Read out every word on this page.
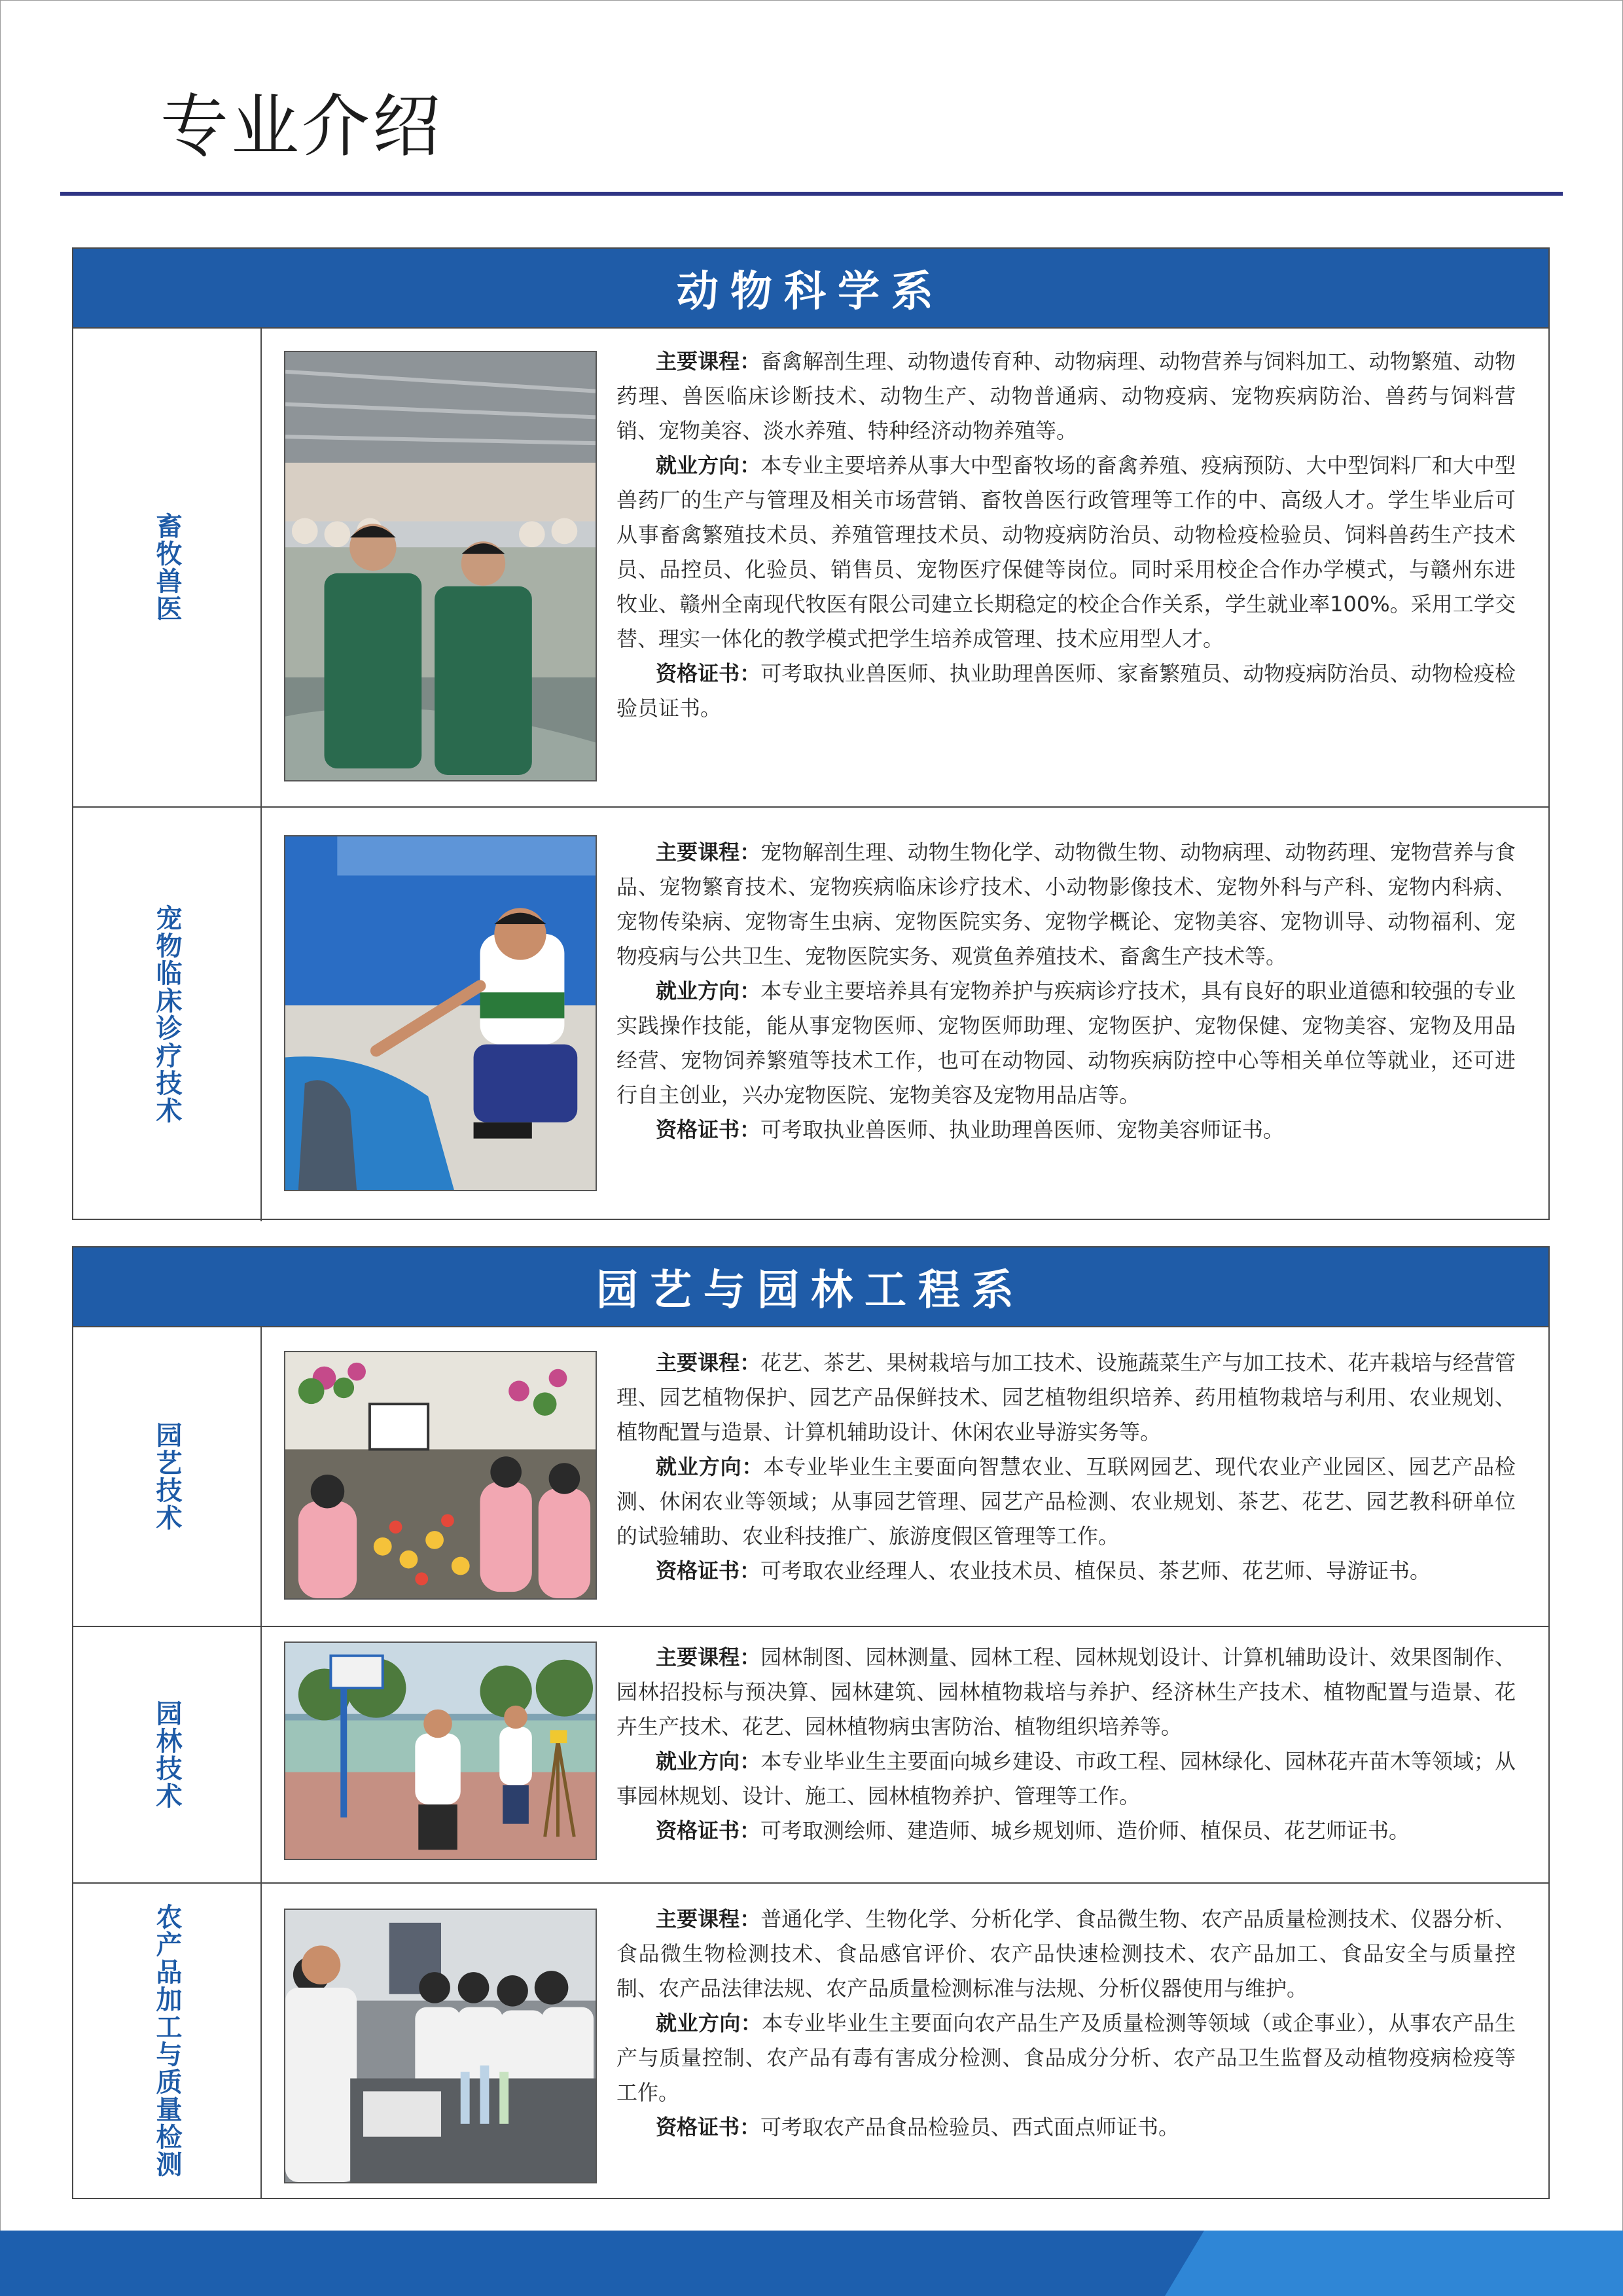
专业介绍
动物科学系
畜牧兽医

主要课程：畜禽解剖生理、动物遗传育种、动物病理、动物营养与饲料加工、动物繁殖、动物药理、兽医临床诊断技术、动物生产、动物普通病、动物疫病、宠物疾病防治、兽药与饲料营销、宠物美容、淡水养殖、特种经济动物养殖等。

就业方向：本专业主要培养从事大中型畜牧场的畜禽养殖、疫病预防、大中型饲料厂和大中型兽药厂的生产与管理及相关市场营销、畜牧兽医行政管理等工作的中、高级人才。学生毕业后可从事畜禽繁殖技术员、养殖管理技术员、动物疫病防治员、动物检疫检验员、饲料兽药生产技术员、品控员、化验员、销售员、宠物医疗保健等岗位。同时采用校企合作办学模式，与赣州东进牧业、赣州全南现代牧医有限公司建立长期稳定的校企合作关系，学生就业率100%。采用工学交替、理实一体化的教学模式把学生培养成管理、技术应用型人才。

资格证书：可考取执业兽医师、执业助理兽医师、家畜繁殖员、动物疫病防治员、动物检疫检验员证书。

宠物临床诊疗技术

主要课程：宠物解剖生理、动物生物化学、动物微生物、动物病理、动物药理、宠物营养与食品、宠物繁育技术、宠物疾病临床诊疗技术、小动物影像技术、宠物外科与产科、宠物内科病、宠物传染病、宠物寄生虫病、宠物医院实务、宠物学概论、宠物美容、宠物训导、动物福利、宠物疫病与公共卫生、宠物医院实务、观赏鱼养殖技术、畜禽生产技术等。

就业方向：本专业主要培养具有宠物养护与疾病诊疗技术，具有良好的职业道德和较强的专业实践操作技能，能从事宠物医师、宠物医师助理、宠物医护、宠物保健、宠物美容、宠物及用品经营、宠物饲养繁殖等技术工作，也可在动物园、动物疾病防控中心等相关单位等就业，还可进行自主创业，兴办宠物医院、宠物美容及宠物用品店等。

资格证书：可考取执业兽医师、执业助理兽医师、宠物美容师证书。

园艺与园林工程系
园艺技术

主要课程：花艺、茶艺、果树栽培与加工技术、设施蔬菜生产与加工技术、花卉栽培与经营管理、园艺植物保护、园艺产品保鲜技术、园艺植物组织培养、药用植物栽培与利用、农业规划、植物配置与造景、计算机辅助设计、休闲农业导游实务等。

就业方向：本专业毕业生主要面向智慧农业、互联网园艺、现代农业产业园区、园艺产品检测、休闲农业等领域；从事园艺管理、园艺产品检测、农业规划、茶艺、花艺、园艺教科研单位的试验辅助、农业科技推广、旅游度假区管理等工作。

资格证书：可考取农业经理人、农业技术员、植保员、茶艺师、花艺师、导游证书。

园林技术

主要课程：园林制图、园林测量、园林工程、园林规划设计、计算机辅助设计、效果图制作、园林招投标与预决算、园林建筑、园林植物栽培与养护、经济林生产技术、植物配置与造景、花卉生产技术、花艺、园林植物病虫害防治、植物组织培养等。

就业方向：本专业毕业生主要面向城乡建设、市政工程、园林绿化、园林花卉苗木等领域；从事园林规划、设计、施工、园林植物养护、管理等工作。

资格证书：可考取测绘师、建造师、城乡规划师、造价师、植保员、花艺师证书。

农产品加工与质量检测	主要课程：普通化学、生物化学、分析化学、食品微生物、农产品质量检测技术、仪器分析、食品微生物检测技术、食品感官评价、农产品快速检测技术、农产品加工、食品安全与质量控制、农产品法律法规、农产品质量检测标准与法规、分析仪器使用与维护。

就业方向：本专业毕业生主要面向农产品生产及质量检测等领域（或企事业），从事农产品生产与质量控制、农产品有毒有害成分检测、食品成分分析、农产品卫生监督及动植物疫病检疫等工作。

资格证书：可考取农产品食品检验员、西式面点师证书。
